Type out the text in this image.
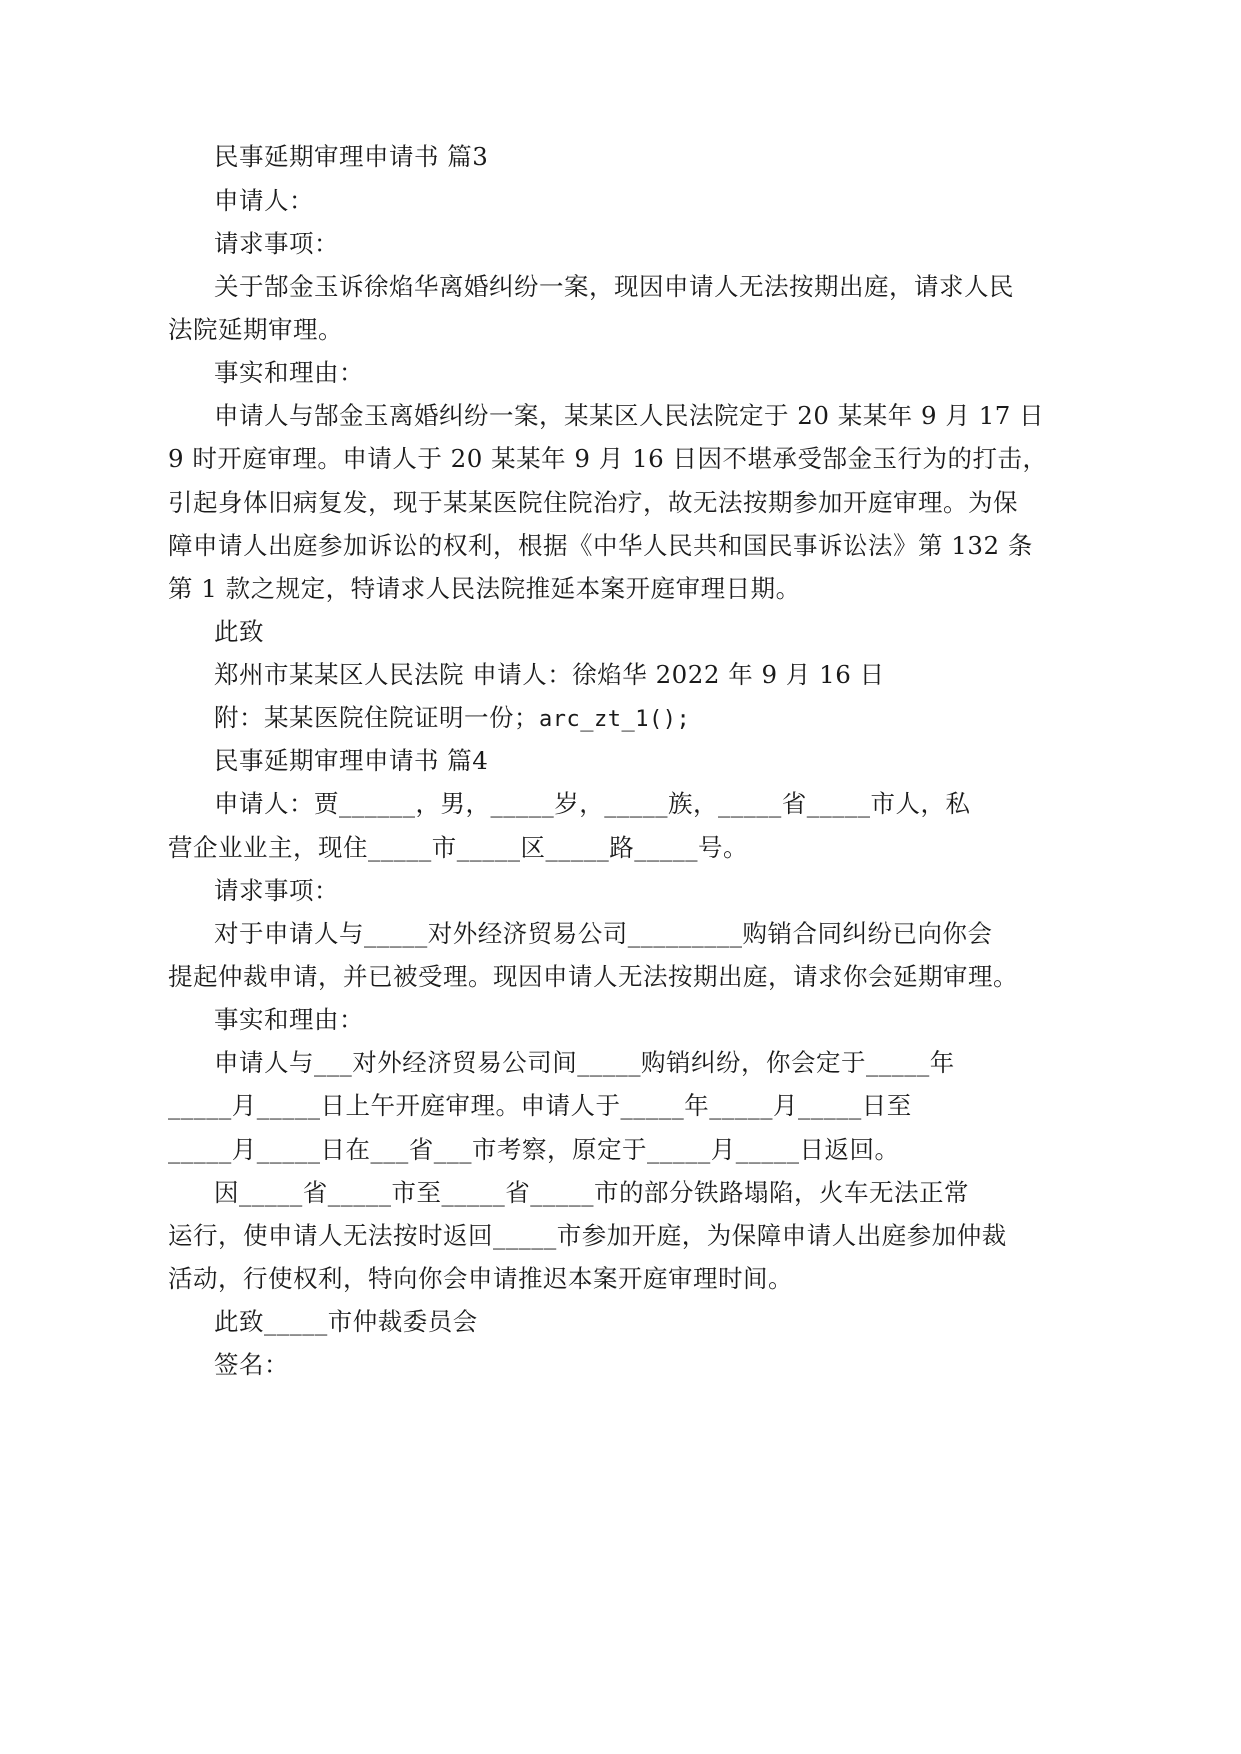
民事延期审理申请书 篇3
申请人：
请求事项：
关于郜金玉诉徐焰华离婚纠纷一案，现因申请人无法按期出庭，请求人民
法院延期审理。
事实和理由：
申请人与郜金玉离婚纠纷一案，某某区人民法院定于 20 某某年 9 月 17 日
9 时开庭审理。申请人于 20 某某年 9 月 16 日因不堪承受郜金玉行为的打击，
引起身体旧病复发，现于某某医院住院治疗，故无法按期参加开庭审理。为保
障申请人出庭参加诉讼的权利，根据《中华人民共和国民事诉讼法》第 132 条
第 1 款之规定，特请求人民法院推延本案开庭审理日期。
此致
郑州市某某区人民法院 申请人：徐焰华 2022 年 9 月 16 日
附：某某医院住院证明一份；arc_zt_1();
民事延期审理申请书 篇4
申请人：贾______，男，_____岁，_____族，_____省_____市人，私
营企业业主，现住_____市_____区_____路_____号。
请求事项：
对于申请人与_____对外经济贸易公司_________购销合同纠纷已向你会
提起仲裁申请，并已被受理。现因申请人无法按期出庭，请求你会延期审理。
事实和理由：
申请人与___对外经济贸易公司间_____购销纠纷，你会定于_____年
_____月_____日上午开庭审理。申请人于_____年_____月_____日至
_____月_____日在___省___市考察，原定于_____月_____日返回。
因_____省_____市至_____省_____市的部分铁路塌陷，火车无法正常
运行，使申请人无法按时返回_____市参加开庭，为保障申请人出庭参加仲裁
活动，行使权利，特向你会申请推迟本案开庭审理时间。
此致_____市仲裁委员会
签名：
